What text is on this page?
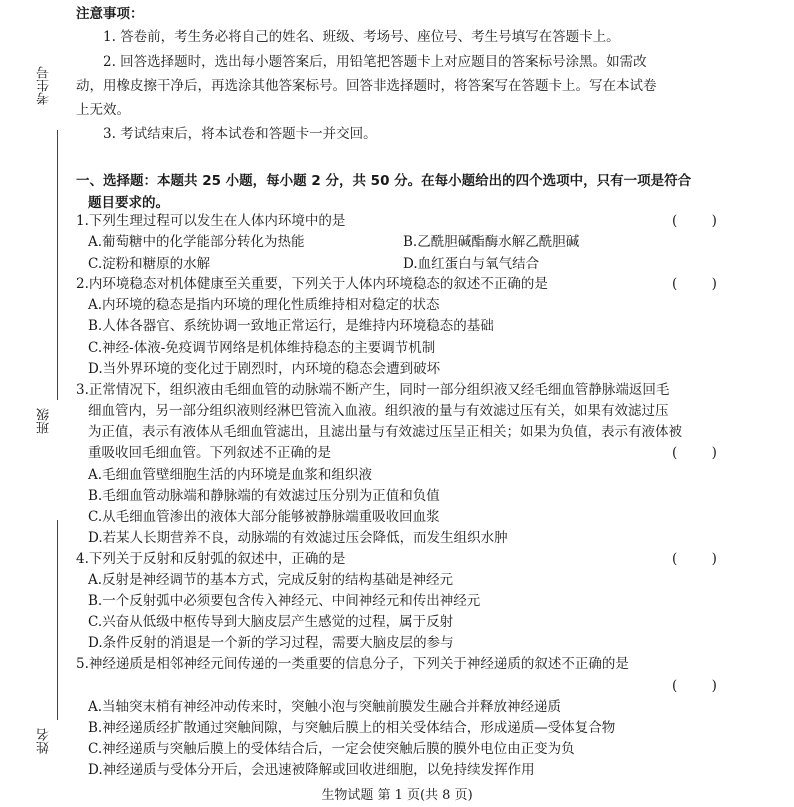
考生号
班级
姓名
注意事项：
1. 答卷前，考生务必将自己的姓名、班级、考场号、座位号、考生号填写在答题卡上。
2. 回答选择题时，选出每小题答案后，用铅笔把答题卡上对应题目的答案标号涂黑。如需改
动，用橡皮擦干净后，再选涂其他答案标号。回答非选择题时，将答案写在答题卡上。写在本试卷
上无效。
3. 考试结束后，将本试卷和答题卡一并交回。
一、选择题：本题共 25 小题，每小题 2 分，共 50 分。在每小题给出的四个选项中，只有一项是符合
题目要求的。
1.下列生理过程可以发生在人体内环境中的是	(        )
A.葡萄糖中的化学能部分转化为热能	B.乙酰胆碱酯酶水解乙酰胆碱
C.淀粉和糖原的水解	D.血红蛋白与氧气结合
2.内环境稳态对机体健康至关重要，下列关于人体内环境稳态的叙述不正确的是	(        )
A.内环境的稳态是指内环境的理化性质维持相对稳定的状态
B.人体各器官、系统协调一致地正常运行，是维持内环境稳态的基础
C.神经-体液-免疫调节网络是机体维持稳态的主要调节机制
D.当外界环境的变化过于剧烈时，内环境的稳态会遭到破坏
3.正常情况下，组织液由毛细血管的动脉端不断产生，同时一部分组织液又经毛细血管静脉端返回毛
细血管内，另一部分组织液则经淋巴管流入血液。组织液的量与有效滤过压有关，如果有效滤过压
为正值，表示有液体从毛细血管滤出，且滤出量与有效滤过压呈正相关；如果为负值，表示有液体被
重吸收回毛细血管。下列叙述不正确的是	(        )
A.毛细血管壁细胞生活的内环境是血浆和组织液
B.毛细血管动脉端和静脉端的有效滤过压分别为正值和负值
C.从毛细血管渗出的液体大部分能够被静脉端重吸收回血浆
D.若某人长期营养不良，动脉端的有效滤过压会降低，而发生组织水肿
4.下列关于反射和反射弧的叙述中，正确的是	(        )
A.反射是神经调节的基本方式，完成反射的结构基础是神经元
B.一个反射弧中必须要包含传入神经元、中间神经元和传出神经元
C.兴奋从低级中枢传导到大脑皮层产生感觉的过程，属于反射
D.条件反射的消退是一个新的学习过程，需要大脑皮层的参与
5.神经递质是相邻神经元间传递的一类重要的信息分子，下列关于神经递质的叙述不正确的是
(        )
A.当轴突末梢有神经冲动传来时，突触小泡与突触前膜发生融合并释放神经递质
B.神经递质经扩散通过突触间隙，与突触后膜上的相关受体结合，形成递质—受体复合物
C.神经递质与突触后膜上的受体结合后，一定会使突触后膜的膜外电位由正变为负
D.神经递质与受体分开后，会迅速被降解或回收进细胞，以免持续发挥作用
生物试题 第 1 页(共 8 页)
